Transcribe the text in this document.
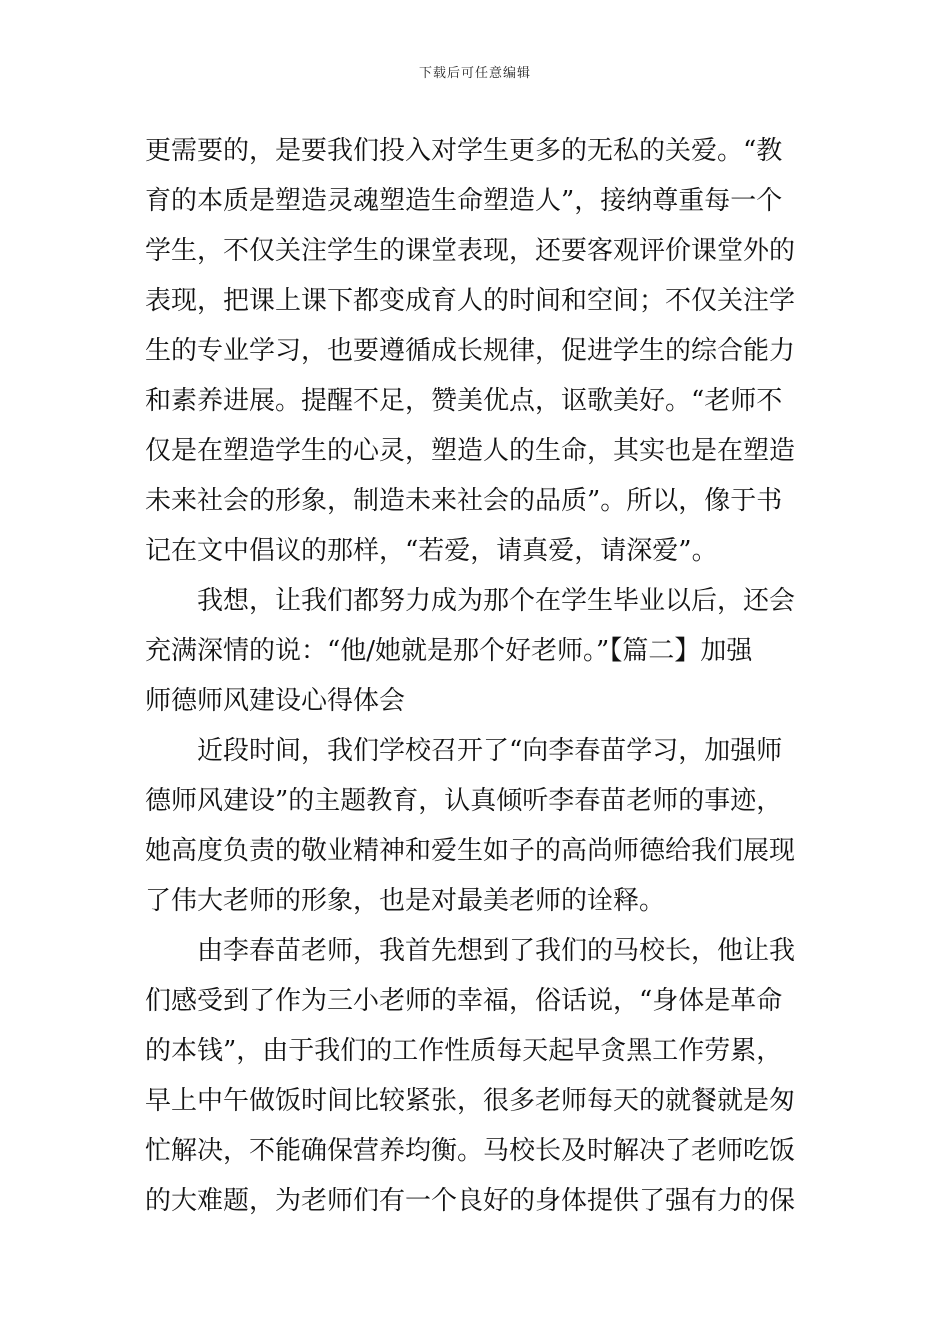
下载后可任意编辑
更需要的，是要我们投入对学生更多的无私的关爱。“教
育的本质是塑造灵魂塑造生命塑造人”，接纳尊重每一个
学生，不仅关注学生的课堂表现，还要客观评价课堂外的
表现，把课上课下都变成育人的时间和空间；不仅关注学
生的专业学习，也要遵循成长规律，促进学生的综合能力
和素养进展。提醒不足，赞美优点，讴歌美好。“老师不
仅是在塑造学生的心灵，塑造人的生命，其实也是在塑造
未来社会的形象，制造未来社会的品质”。所以，像于书
记在文中倡议的那样，“若爱，请真爱，请深爱”。
我想，让我们都努力成为那个在学生毕业以后，还会
充满深情的说：“他/她就是那个好老师。”【篇二】加强
师德师风建设心得体会
近段时间，我们学校召开了“向李春苗学习，加强师
德师风建设”的主题教育，认真倾听李春苗老师的事迹，
她高度负责的敬业精神和爱生如子的高尚师德给我们展现
了伟大老师的形象，也是对最美老师的诠释。
由李春苗老师，我首先想到了我们的马校长，他让我
们感受到了作为三小老师的幸福，俗话说，“身体是革命
的本钱”，由于我们的工作性质每天起早贪黑工作劳累，
早上中午做饭时间比较紧张，很多老师每天的就餐就是匆
忙解决，不能确保营养均衡。马校长及时解决了老师吃饭
的大难题，为老师们有一个良好的身体提供了强有力的保
